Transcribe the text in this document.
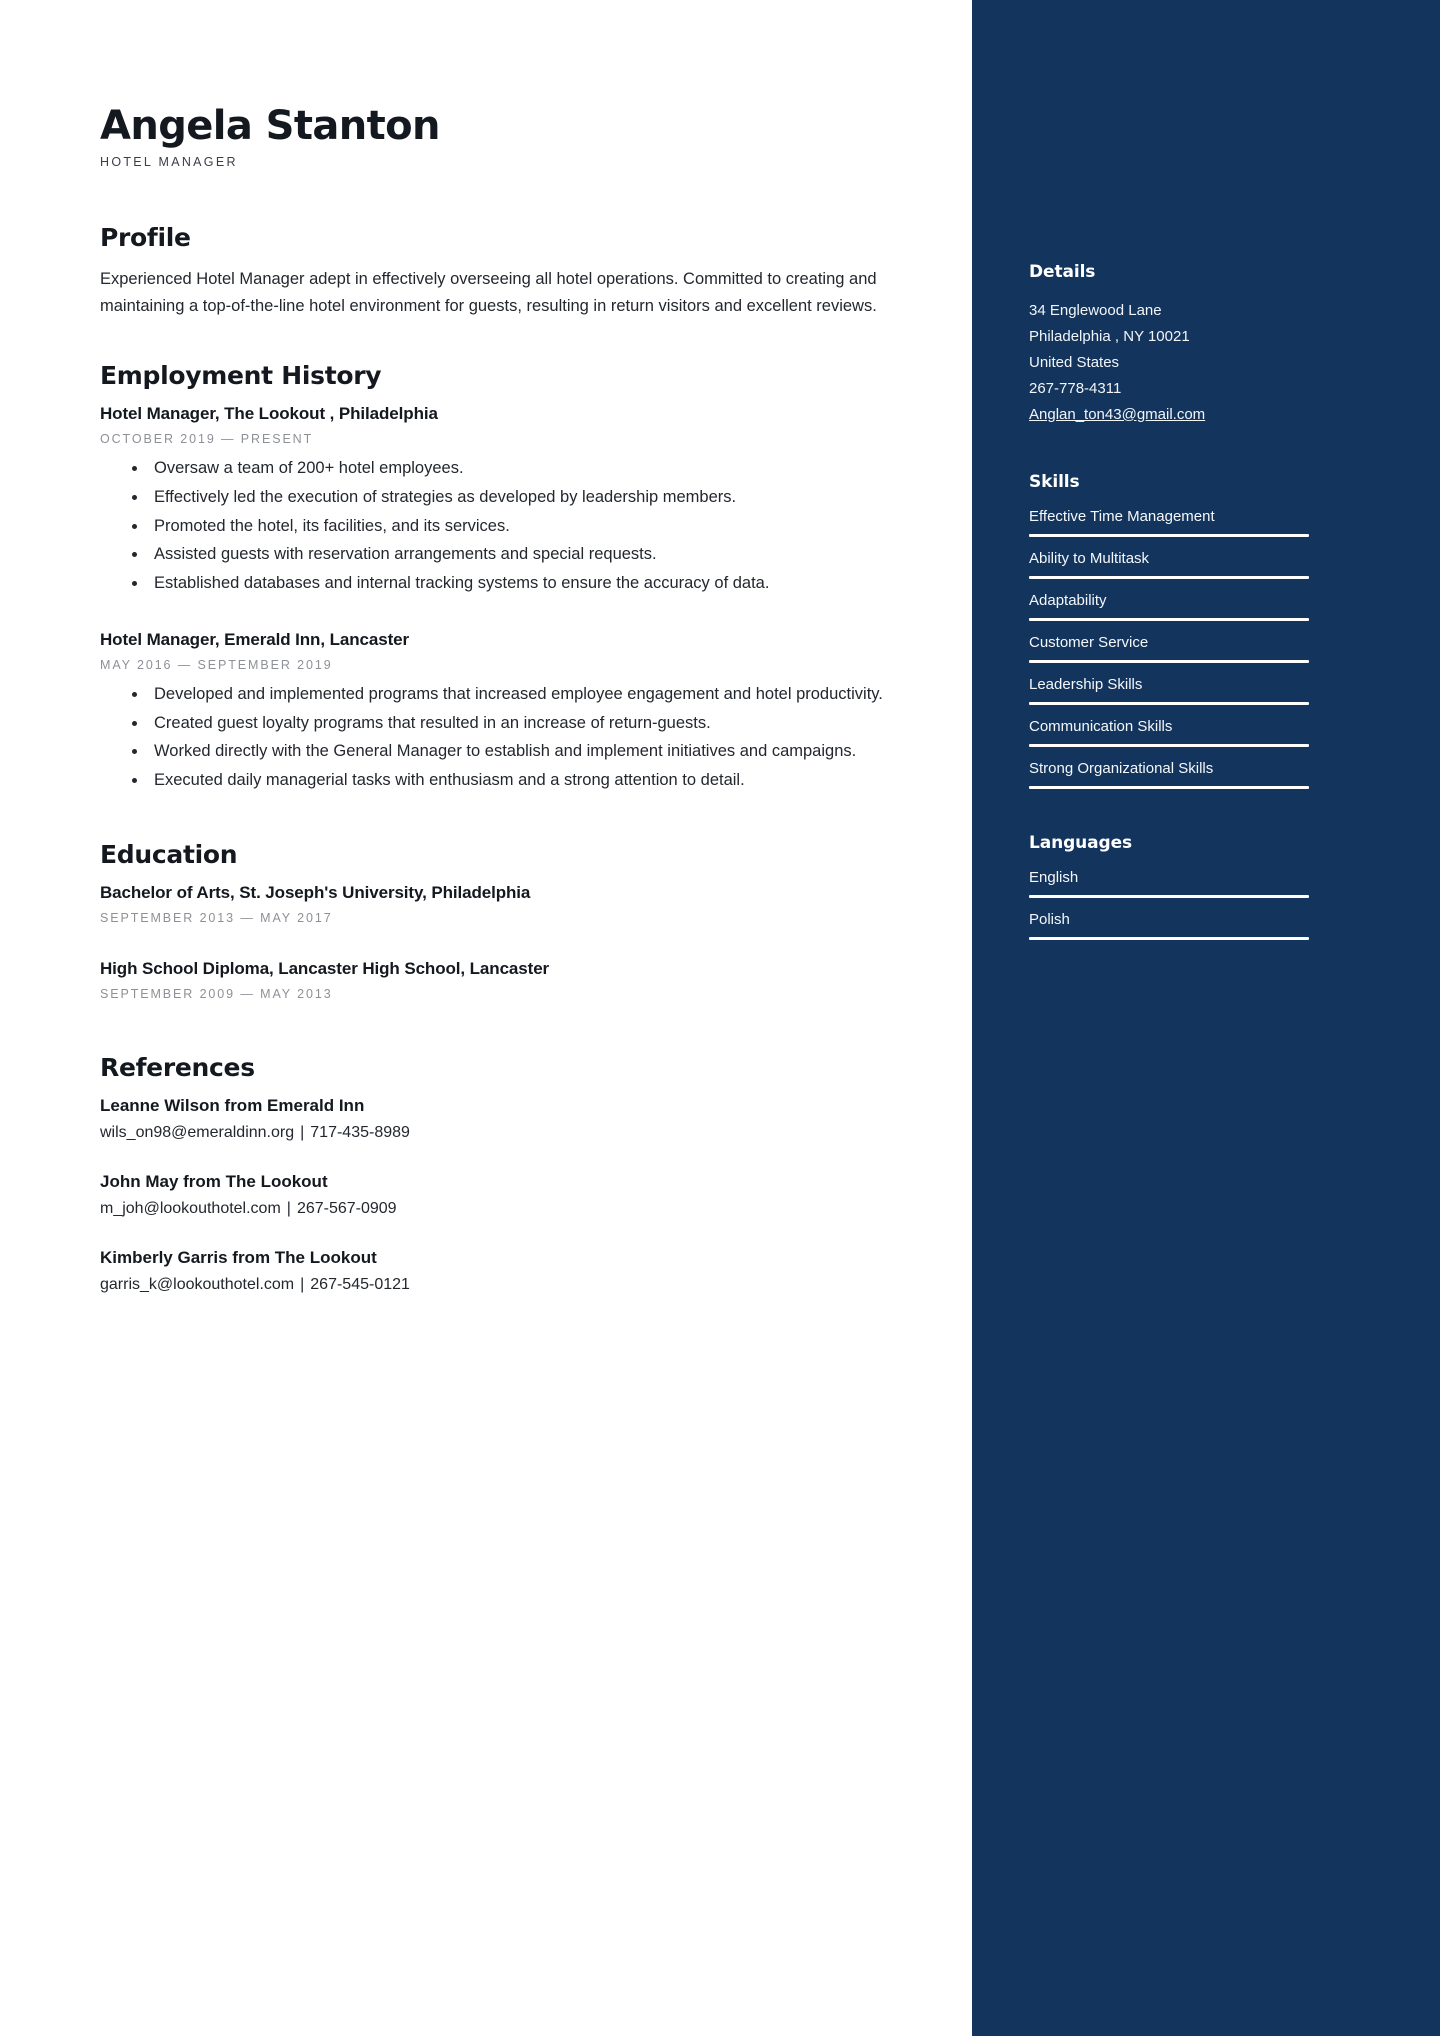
Angela Stanton
HOTEL MANAGER
Profile

Experienced Hotel Manager adept in effectively overseeing all hotel operations. Committed to creating and maintaining a top-of-the-line hotel environment for guests, resulting in return visitors and excellent reviews.

Employment History
Hotel Manager, The Lookout , Philadelphia
OCTOBER 2019 — PRESENT
• Oversaw a team of 200+ hotel employees.
• Effectively led the execution of strategies as developed by leadership members.
• Promoted the hotel, its facilities, and its services.
• Assisted guests with reservation arrangements and special requests.
• Established databases and internal tracking systems to ensure the accuracy of data.
Hotel Manager, Emerald Inn, Lancaster
MAY 2016 — SEPTEMBER 2019
• Developed and implemented programs that increased employee engagement and hotel productivity.
• Created guest loyalty programs that resulted in an increase of return-guests.
• Worked directly with the General Manager to establish and implement initiatives and campaigns.
• Executed daily managerial tasks with enthusiasm and a strong attention to detail.
Education
Bachelor of Arts, St. Joseph's University, Philadelphia
SEPTEMBER 2013 — MAY 2017
High School Diploma, Lancaster High School, Lancaster
SEPTEMBER 2009 — MAY 2013
References
Leanne Wilson from Emerald Inn
wils_on98@emeraldinn.org | 717-435-8989
John May from The Lookout
m_joh@lookouthotel.com | 267-567-0909
Kimberly Garris from The Lookout
garris_k@lookouthotel.com | 267-545-0121
Details
34 Englewood Lane
Philadelphia , NY 10021
United States
267-778-4311
Anglan_ton43@gmail.com
Skills
Effective Time Management
Ability to Multitask
Adaptability
Customer Service
Leadership Skills
Communication Skills
Strong Organizational Skills
Languages
English
Polish
